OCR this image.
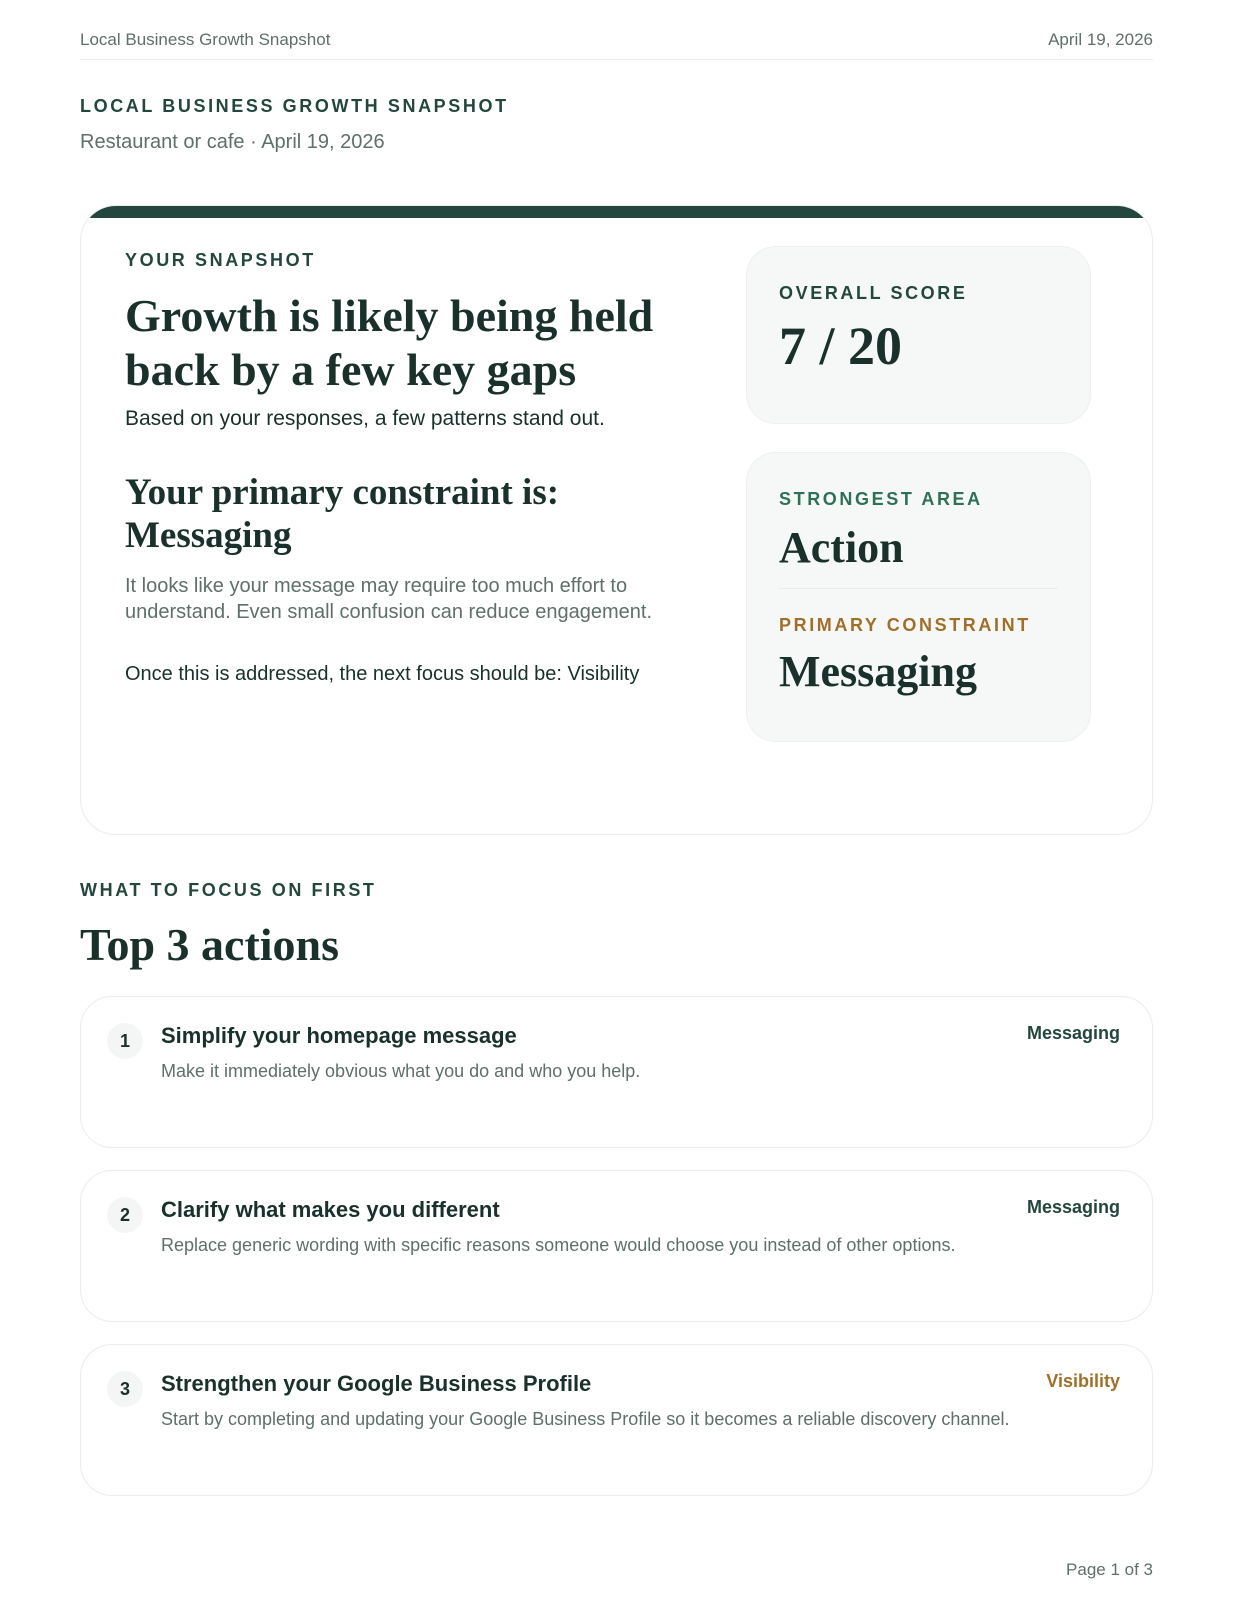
Local Business Growth Snapshot	April 19, 2026
LOCAL BUSINESS GROWTH SNAPSHOT
Restaurant or cafe · April 19, 2026
YOUR SNAPSHOT
Growth is likely being held back by a few key gaps

Based on your responses, a few patterns stand out.

Your primary constraint is: Messaging

It looks like your message may require too much effort to understand. Even small confusion can reduce engagement.

Once this is addressed, the next focus should be: Visibility

OVERALL SCORE
7 / 20
STRONGEST AREA
Action
PRIMARY CONSTRAINT
Messaging
WHAT TO FOCUS ON FIRST
Top 3 actions
1	Simplify your homepage message
Make it immediately obvious what you do and who you help.
Messaging
2	Clarify what makes you different
Replace generic wording with specific reasons someone would choose you instead of other options.
Messaging
3	Strengthen your Google Business Profile
Start by completing and updating your Google Business Profile so it becomes a reliable discovery channel.
Visibility
Page 1 of 3
